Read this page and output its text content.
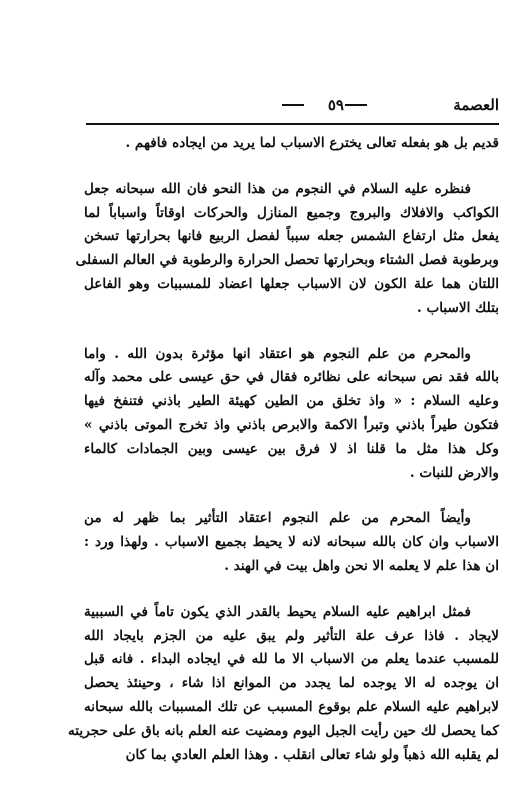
العصمة
٥٩
قديم بل هو بفعله تعالى يخترع الاسباب لما يريد من ايجاده فافهم .
فنظره عليه السلام في النجوم من هذا النحو فان الله سبحانه جعل
الكواكب والافلاك والبروج وجميع المنازل والحركات اوقاتاً واسباباً لما
يفعل مثل ارتفاع الشمس جعله سبباً لفصل الربيع فانها بحرارتها تسخن
وبرطوبة فصل الشتاء وبحرارتها تحصل الحرارة والرطوبة في العالم السفلى
اللتان هما علة الكون لان الاسباب جعلها اعضاد للمسببات وهو الفاعل
بتلك الاسباب .
والمحرم من علم النجوم هو اعتقاد انها مؤثرة بدون الله . واما
بالله فقد نص سبحانه على نظائره فقال في حق عيسى على محمد وآله
وعليه السلام : « واذ تخلق من الطين كهيئة الطير باذني فتنفخ فيها
فتكون طيراً باذني وتبرأ الاكمة والابرص باذني واذ تخرج الموتى باذني »
وكل هذا مثل ما قلنا اذ لا فرق بين عيسى وبين الجمادات كالماء
والارض للنبات .
وأيضاً المحرم من علم النجوم اعتقاد التأثير بما ظهر له من
الاسباب وان كان بالله سبحانه لانه لا يحيط بجميع الاسباب . ولهذا ورد :
ان هذا علم لا يعلمه الا نحن واهل بيت في الهند .
فمثل ابراهيم عليه السلام يحيط بالقدر الذي يكون تاماً في السببية
لايجاد . فاذا عرف علة التأثير ولم يبق عليه من الجزم بايجاد الله
للمسبب عندما يعلم من الاسباب الا ما لله في ايجاده البداء . فانه قبل
ان يوجده له الا يوجده لما يجدد من الموانع اذا شاء ، وحينئذ يحصل
لابراهيم عليه السلام علم بوقوع المسبب عن تلك المسببات بالله سبحانه
كما يحصل لك حين رأيت الجبل اليوم ومضيت عنه العلم بانه باق على حجريته
لم يقلبه الله ذهباً ولو شاء تعالى انقلب . وهذا العلم العادي بما كان
